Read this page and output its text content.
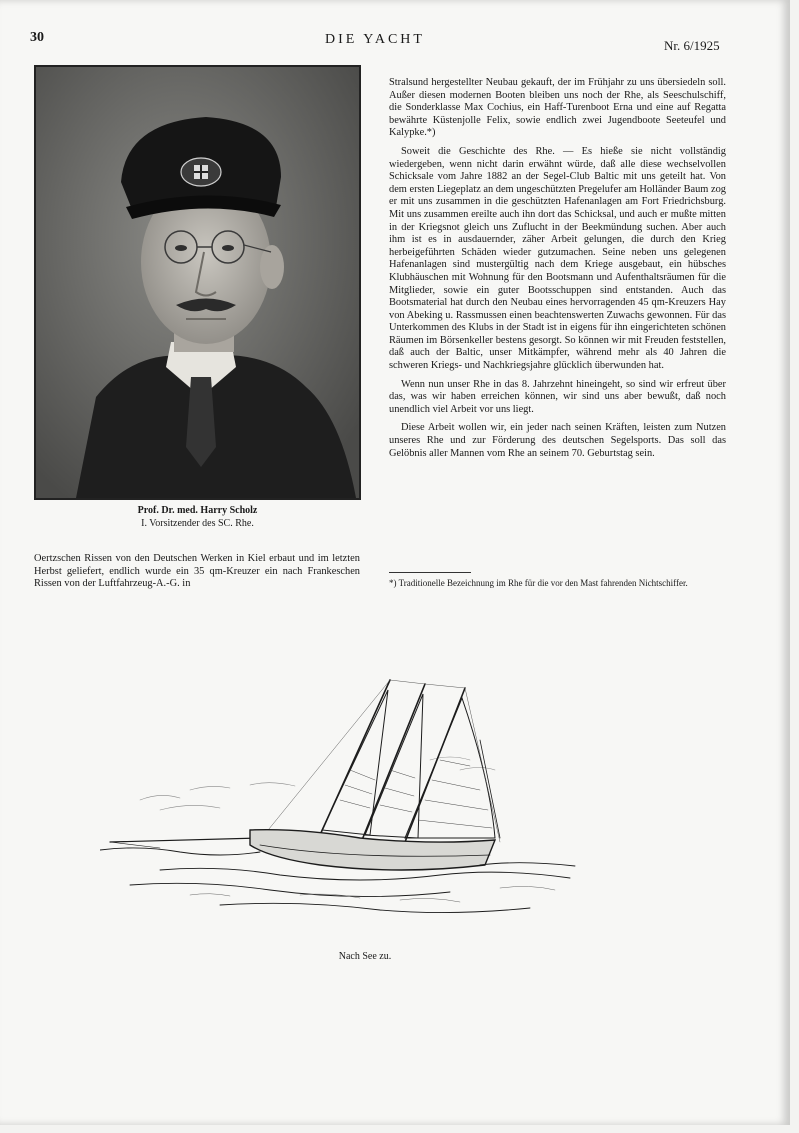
30	DIE YACHT	Nr. 6/1925
Prof. Dr. med. Harry Scholz
I. Vorsitzender des SC. Rhe.

Oertzschen Rissen von den Deutschen Werken in Kiel erbaut und im letzten Herbst geliefert, endlich wurde ein 35 qm-Kreuzer ein nach Frankeschen Rissen von der Luftfahrzeug-A.-G. in

Stralsund hergestellter Neubau gekauft, der im Frühjahr zu uns übersiedeln soll. Außer diesen modernen Booten bleiben uns noch der Rhe, als Seeschulschiff, die Sonderklasse Max Cochius, ein Haff-Turenboot Erna und eine auf Regatta bewährte Küstenjolle Felix, sowie endlich zwei Jugendboote Seeteufel und Kalypke.*)

Soweit die Geschichte des Rhe. — Es hieße sie nicht vollständig wiedergeben, wenn nicht darin erwähnt würde, daß alle diese wechselvollen Schicksale vom Jahre 1882 an der Segel-Club Baltic mit uns geteilt hat. Von dem ersten Liegeplatz an dem ungeschützten Pregelufer am Holländer Baum zog er mit uns zusammen in die geschützten Hafenanlagen am Fort Friedrichsburg. Mit uns zusammen ereilte auch ihn dort das Schicksal, und auch er mußte mitten in der Kriegsnot gleich uns Zuflucht in der Beekmündung suchen. Aber auch ihm ist es in ausdauernder, zäher Arbeit gelungen, die durch den Krieg herbeigeführten Schäden wieder gutzumachen. Seine neben uns gelegenen Hafenanlagen sind mustergültig nach dem Kriege ausgebaut, ein hübsches Klubhäuschen mit Wohnung für den Bootsmann und Aufenthaltsräumen für die Mitglieder, sowie ein guter Bootsschuppen sind entstanden. Auch das Bootsmaterial hat durch den Neubau eines hervorragenden 45 qm-Kreuzers Hay von Abeking u. Rassmussen einen beachtenswerten Zuwachs gewonnen. Für das Unterkommen des Klubs in der Stadt ist in eigens für ihn eingerichteten schönen Räumen im Börsenkeller bestens gesorgt. So können wir mit Freuden feststellen, daß auch der Baltic, unser Mitkämpfer, während mehr als 40 Jahren die schweren Kriegs- und Nachkriegsjahre glücklich überwunden hat.

Wenn nun unser Rhe in das 8. Jahrzehnt hineingeht, so sind wir erfreut über das, was wir haben erreichen können, wir sind uns aber bewußt, daß noch unendlich viel Arbeit vor uns liegt.

Diese Arbeit wollen wir, ein jeder nach seinen Kräften, leisten zum Nutzen unseres Rhe und zur Förderung des deutschen Segelsports. Das soll das Gelöbnis aller Mannen vom Rhe an seinem 70. Geburtstag sein.

*) Traditionelle Bezeichnung im Rhe für die vor den Mast fahrenden Nichtschiffer.
Nach See zu.
